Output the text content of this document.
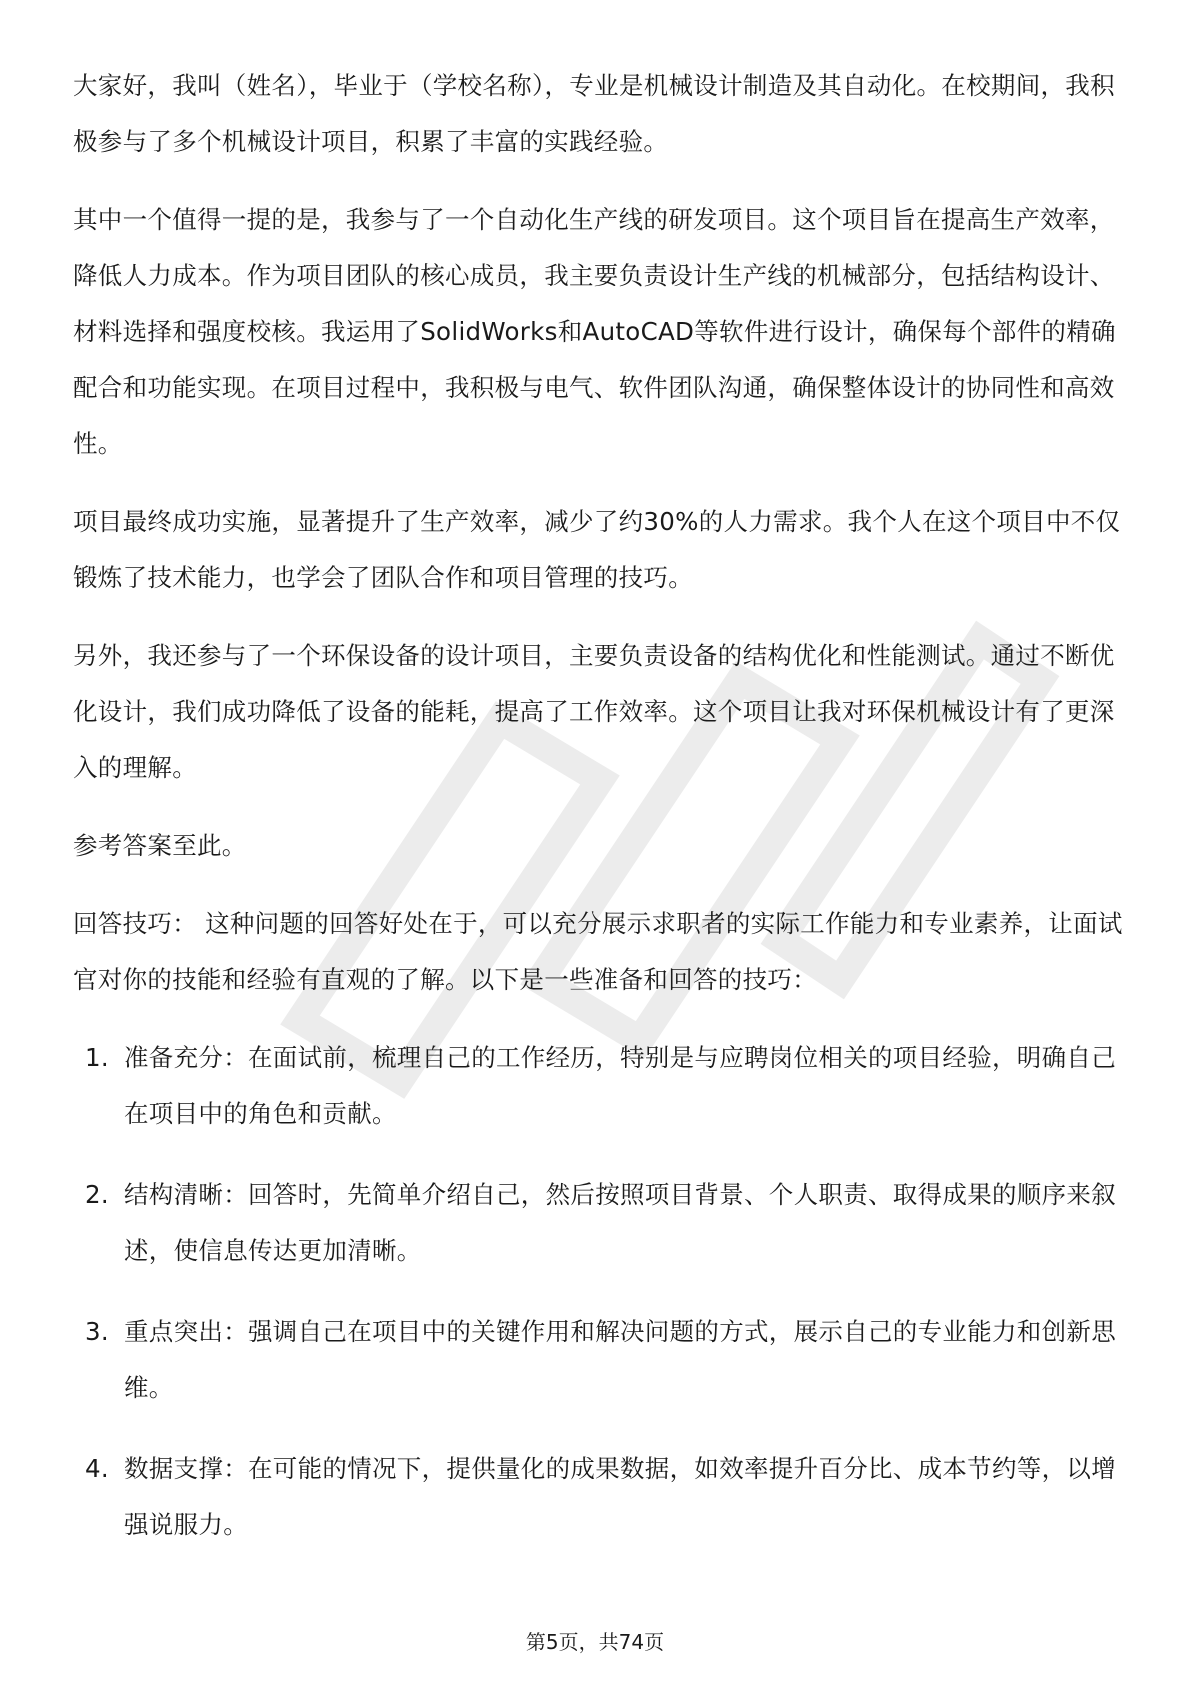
大家好，我叫（姓名），毕业于（学校名称），专业是机械设计制造及其自动化。在校期间，我积极参与了多个机械设计项目，积累了丰富的实践经验。

其中一个值得一提的是，我参与了一个自动化生产线的研发项目。这个项目旨在提高生产效率，降低人力成本。作为项目团队的核心成员，我主要负责设计生产线的机械部分，包括结构设计、材料选择和强度校核。我运用了SolidWorks和AutoCAD等软件进行设计，确保每个部件的精确配合和功能实现。在项目过程中，我积极与电气、软件团队沟通，确保整体设计的协同性和高效性。

项目最终成功实施，显著提升了生产效率，减少了约30%的人力需求。我个人在这个项目中不仅锻炼了技术能力，也学会了团队合作和项目管理的技巧。

另外，我还参与了一个环保设备的设计项目，主要负责设备的结构优化和性能测试。通过不断优化设计，我们成功降低了设备的能耗，提高了工作效率。这个项目让我对环保机械设计有了更深入的理解。

参考答案至此。

回答技巧： 这种问题的回答好处在于，可以充分展示求职者的实际工作能力和专业素养，让面试官对你的技能和经验有直观的了解。以下是一些准备和回答的技巧：

1. 准备充分：在面试前，梳理自己的工作经历，特别是与应聘岗位相关的项目经验，明确自己在项目中的角色和贡献。
2. 结构清晰：回答时，先简单介绍自己，然后按照项目背景、个人职责、取得成果的顺序来叙述，使信息传达更加清晰。
3. 重点突出：强调自己在项目中的关键作用和解决问题的方式，展示自己的专业能力和创新思维。
4. 数据支撑：在可能的情况下，提供量化的成果数据，如效率提升百分比、成本节约等，以增强说服力。
第5页，共74页
